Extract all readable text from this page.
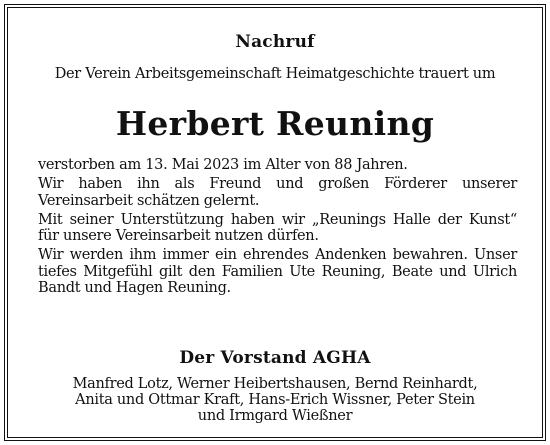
Nachruf
Der Verein Arbeitsgemeinschaft Heimatgeschichte trauert um
Herbert Reuning

verstorben am 13. Mai 2023 im Alter von 88 Jahren.

Wir haben ihn als Freund und großen Förderer unserer Vereinsarbeit schätzen gelernt.

Mit seiner Unterstützung haben wir „Reunings Halle der Kunst“ für unsere Vereinsarbeit nutzen dürfen.

Wir werden ihm immer ein ehrendes Andenken bewahren. Unser tiefes Mitgefühl gilt den Familien Ute Reuning, Beate und Ulrich Bandt und Hagen Reuning.

Der Vorstand AGHA
Manfred Lotz, Werner Heibertshausen, Bernd Reinhardt,
Anita und Ottmar Kraft, Hans-Erich Wissner, Peter Stein
und Irmgard Wießner
